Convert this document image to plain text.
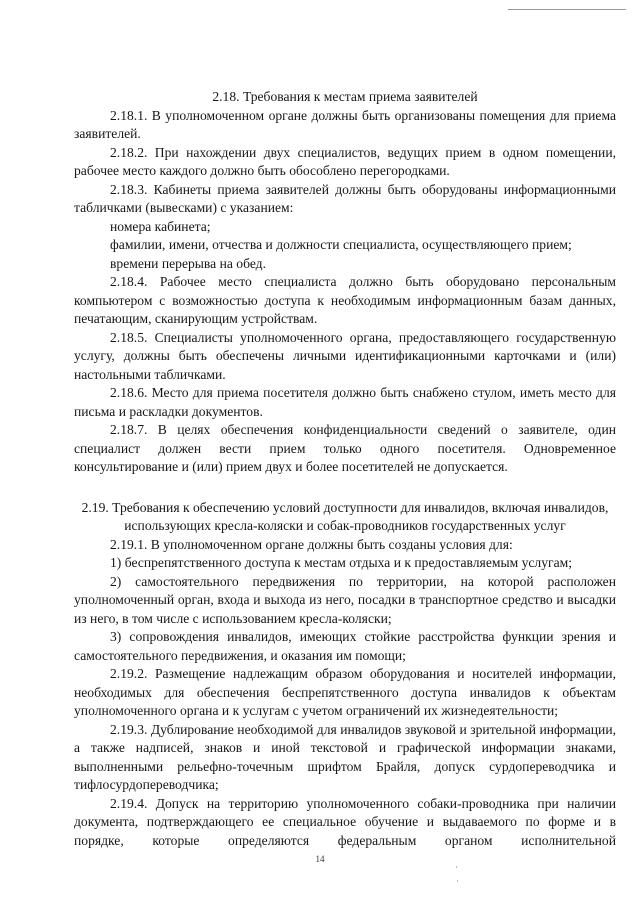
2.18. Требования к местам приема заявителей

2.18.1. В уполномоченном органе должны быть организованы помещения для приема заявителей.

2.18.2. При нахождении двух специалистов, ведущих прием в одном помещении, рабочее место каждого должно быть обособлено перегородками.

2.18.3. Кабинеты приема заявителей должны быть оборудованы информационными табличками (вывесками) с указанием:

номера кабинета;

фамилии, имени, отчества и должности специалиста, осуществляющего прием;

времени перерыва на обед.

2.18.4. Рабочее место специалиста должно быть оборудовано персональным компьютером с возможностью доступа к необходимым информационным базам данных, печатающим, сканирующим устройствам.

2.18.5. Специалисты уполномоченного органа, предоставляющего государственную услугу, должны быть обеспечены личными идентификационными карточками и (или) настольными табличками.

2.18.6. Место для приема посетителя должно быть снабжено стулом, иметь место для письма и раскладки документов.

2.18.7. В целях обеспечения конфиденциальности сведений о заявителе, один специалист должен вести прием только одного посетителя. Одновременное консультирование и (или) прием двух и более посетителей не допускается.

2.19. Требования к обеспечению условий доступности для инвалидов, включая инвалидов, использующих кресла-коляски и собак-проводников государственных услуг

2.19.1. В уполномоченном органе должны быть созданы условия для:

1) беспрепятственного доступа к местам отдыха и к предоставляемым услугам;

2) самостоятельного передвижения по территории, на которой расположен уполномоченный орган, входа и выхода из него, посадки в транспортное средство и высадки из него, в том числе с использованием кресла-коляски;

3) сопровождения инвалидов, имеющих стойкие расстройства функции зрения и самостоятельного передвижения, и оказания им помощи;

2.19.2. Размещение надлежащим образом оборудования и носителей информации, необходимых для обеспечения беспрепятственного доступа инвалидов к объектам уполномоченного органа и к услугам с учетом ограничений их жизнедеятельности;

2.19.3. Дублирование необходимой для инвалидов звуковой и зрительной информации, а также надписей, знаков и иной текстовой и графической информации знаками, выполненными рельефно-точечным шрифтом Брайля, допуск сурдопереводчика и тифлосурдопереводчика;

2.19.4. Допуск на территорию уполномоченного собаки-проводника при наличии документа, подтверждающего ее специальное обучение и выдаваемого по форме и в порядке, которые определяются федеральным органом исполнительной

14
